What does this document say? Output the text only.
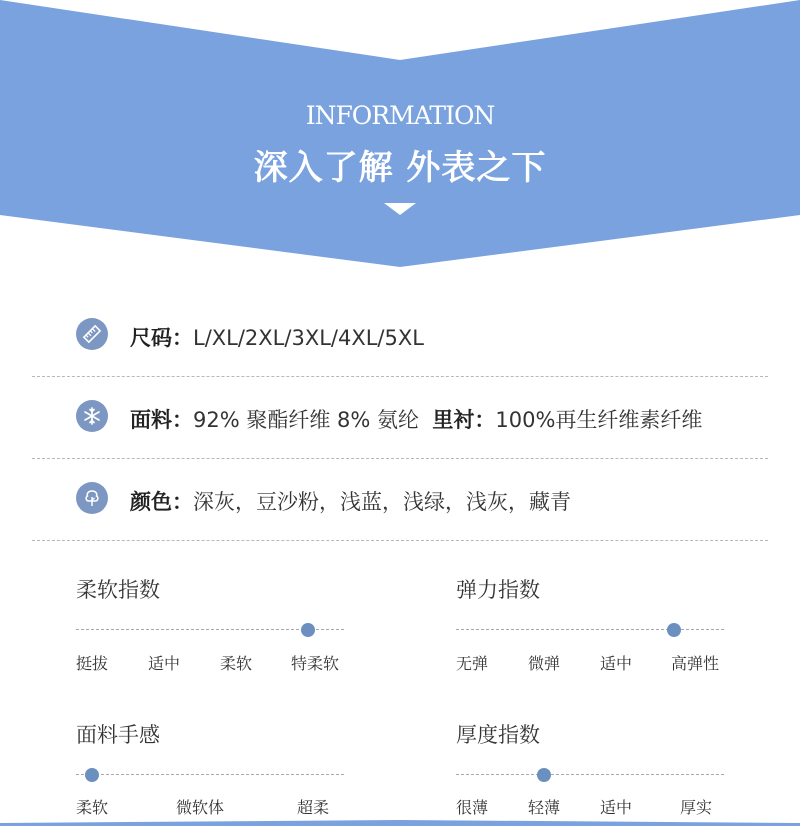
INFORMATION
深入了解 外表之下
尺码：L/XL/2XL/3XL/4XL/5XL
面料：92% 聚酯纤维 8% 氨纶 里衬：100%再生纤维素纤维
颜色：深灰，豆沙粉，浅蓝，浅绿，浅灰，藏青
柔软指数
挺拔 适中 柔软 特柔软
弹力指数
无弹 微弹 适中 高弹性
面料手感
柔软	微软体	超柔
厚度指数
很薄 轻薄 适中	厚实
